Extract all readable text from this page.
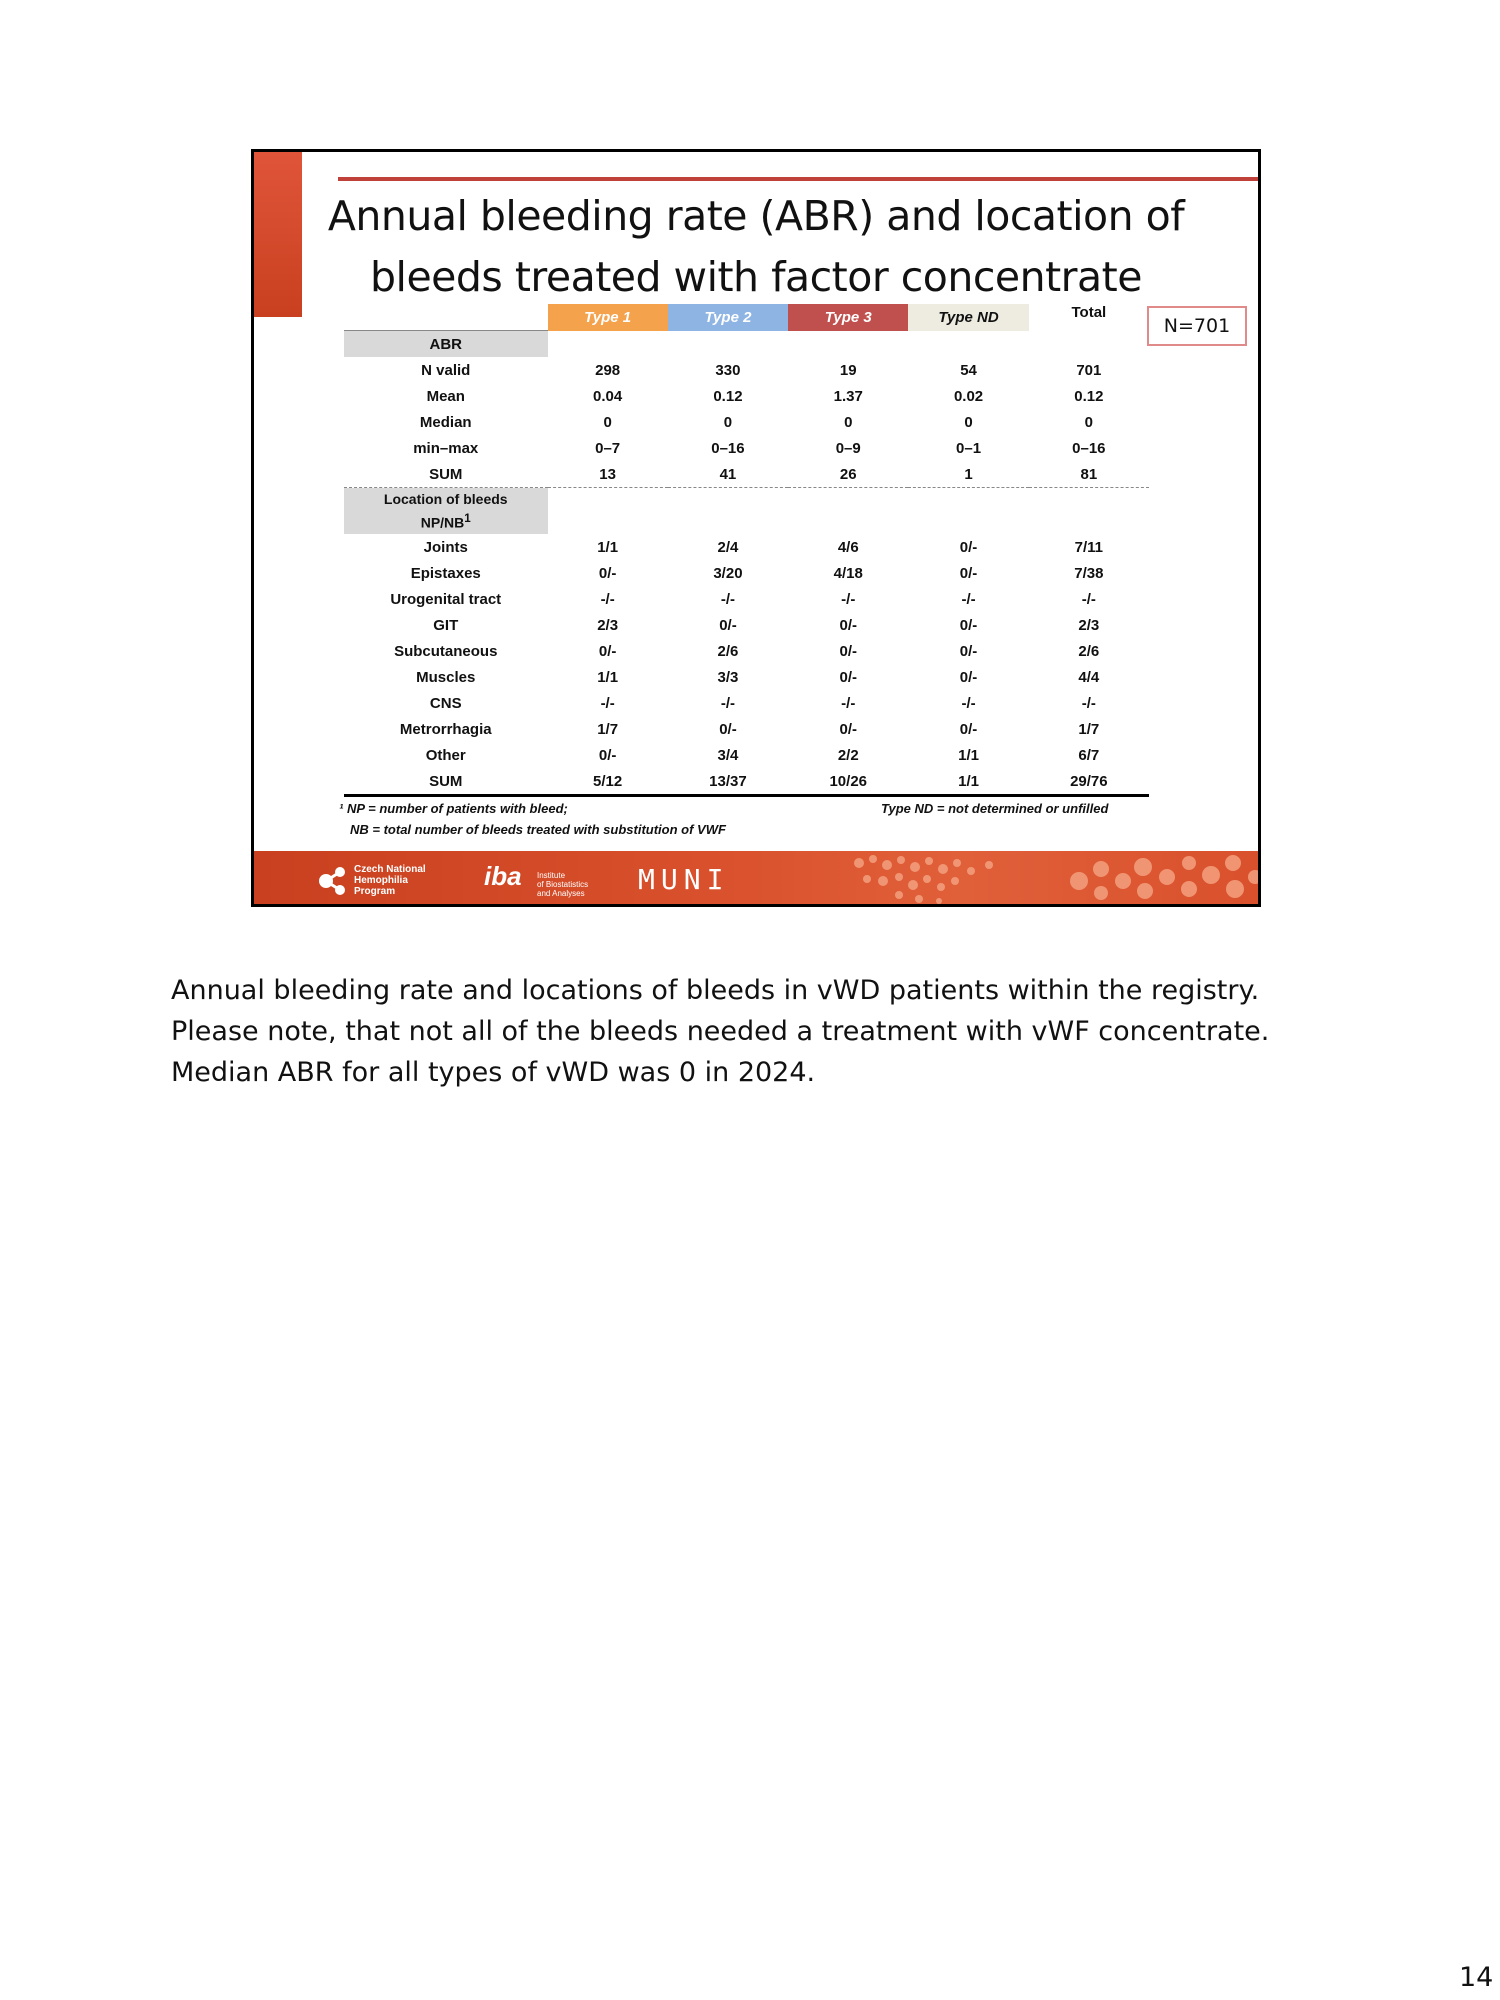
Annual bleeding rate (ABR) and location of
bleeds treated with factor concentrate
N=701
	Type 1	Type 2	Type 3	Type ND	Total
ABR					
N valid	298	330	19	54	701
Mean	0.04	0.12	1.37	0.02	0.12
Median	0	0	0	0	0
min–max	0–7	0–16	0–9	0–1	0–16
SUM	13	41	26	1	81
Location of bleeds
$NP/NB^1$					
Joints	1/1	2/4	4/6	0/-	7/11
Epistaxes	0/-	3/20	4/18	0/-	7/38
Urogenital tract	-/-	-/-	-/-	-/-	-/-
GIT	2/3	0/-	0/-	0/-	2/3
Subcutaneous	0/-	2/6	0/-	0/-	2/6
Muscles	1/1	3/3	0/-	0/-	4/4
CNS	-/-	-/-	-/-	-/-	-/-
Metrorrhagia	1/7	0/-	0/-	0/-	1/7
Other	0/-	3/4	2/2	1/1	6/7
SUM	5/12	13/37	10/26	1/1	29/76
¹ NP = number of patients with bleed;
NB = total number of bleeds treated with substitution of VWF
Type ND = not determined or unfilled
Czech National
Hemophilia
Program
iba Institute
of Biostatistics
and Analyses MUNI
Annual bleeding rate and locations of bleeds in vWD patients within the registry.
Please note, that not all of the bleeds needed a treatment with vWF concentrate.
Median ABR for all types of vWD was 0 in 2024.
14
